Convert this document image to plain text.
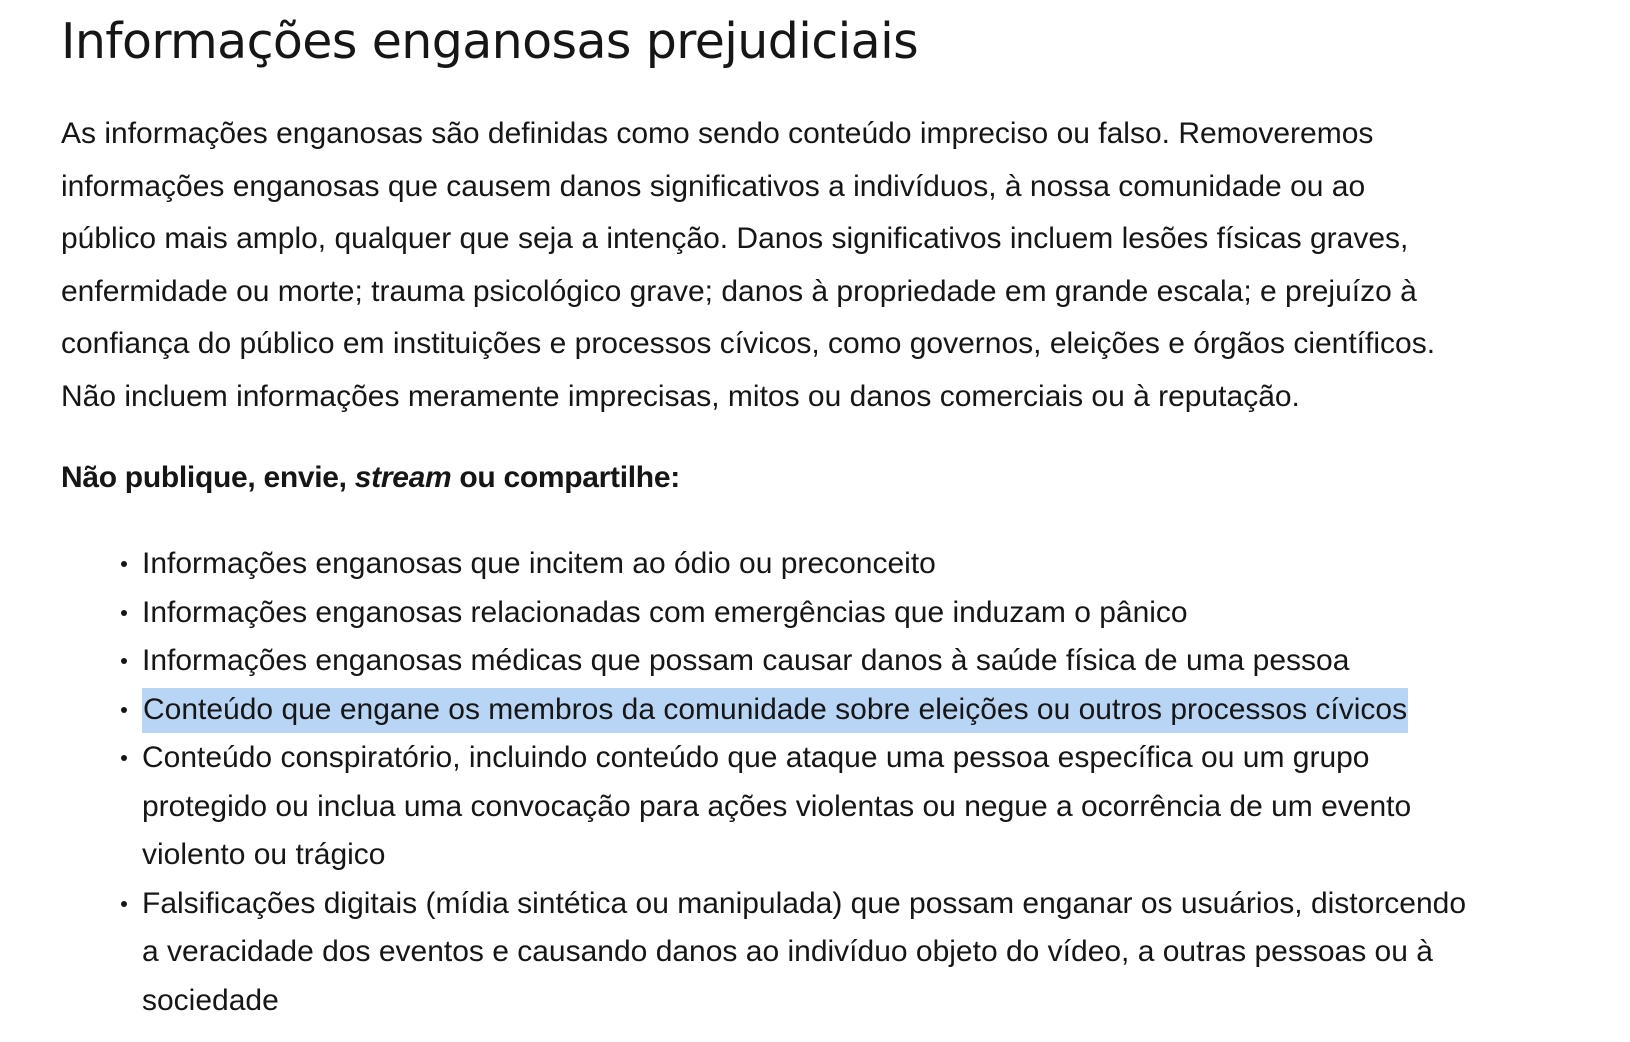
Informações enganosas prejudiciais

As informações enganosas são definidas como sendo conteúdo impreciso ou falso. Removeremos
informações enganosas que causem danos significativos a indivíduos, à nossa comunidade ou ao
público mais amplo, qualquer que seja a intenção. Danos significativos incluem lesões físicas graves,
enfermidade ou morte; trauma psicológico grave; danos à propriedade em grande escala; e prejuízo à
confiança do público em instituições e processos cívicos, como governos, eleições e órgãos científicos.
Não incluem informações meramente imprecisas, mitos ou danos comerciais ou à reputação.

Não publique, envie, stream ou compartilhe:

Informações enganosas que incitem ao ódio ou preconceito
Informações enganosas relacionadas com emergências que induzam o pânico
Informações enganosas médicas que possam causar danos à saúde física de uma pessoa
Conteúdo que engane os membros da comunidade sobre eleições ou outros processos cívicos
Conteúdo conspiratório, incluindo conteúdo que ataque uma pessoa específica ou um grupo
protegido ou inclua uma convocação para ações violentas ou negue a ocorrência de um evento
violento ou trágico
Falsificações digitais (mídia sintética ou manipulada) que possam enganar os usuários, distorcendo
a veracidade dos eventos e causando danos ao indivíduo objeto do vídeo, a outras pessoas ou à
sociedade
